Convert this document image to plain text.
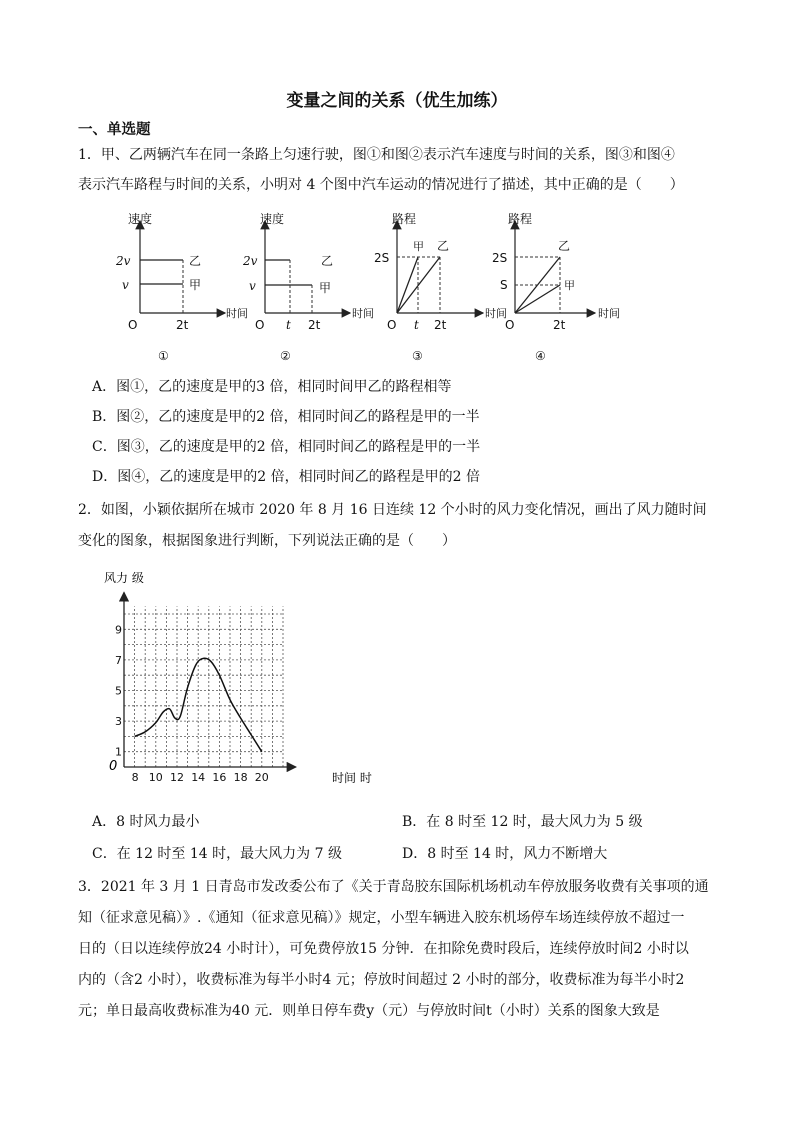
变量之间的关系（优生加练）
一、单选题
1．甲、乙两辆汽车在同一条路上匀速行驶，图①和图②表示汽车速度与时间的关系，图③和图④
表示汽车路程与时间的关系，小明对 4 个图中汽车运动的情况进行了描述，其中正确的是（　　）
速度
时间
2v
v
乙
甲
O	2t
①
速度
时间
2v
v
乙
甲
O t 2t
②
路程
时间
2S
甲 乙
O t 2t
③
路程
时间
2S
S
乙
甲
O	2t
④
A．图①，乙的速度是甲的3 倍，相同时间甲乙的路程相等
B．图②，乙的速度是甲的2 倍，相同时间乙的路程是甲的一半
C．图③，乙的速度是甲的2 倍，相同时间乙的路程是甲的一半
D．图④，乙的速度是甲的2 倍，相同时间乙的路程是甲的2 倍
2．如图，小颖依据所在城市 2020 年 8 月 16 日连续 12 个小时的风力变化情况，画出了风力随时间
变化的图象，根据图象进行判断，下列说法正确的是（　　）
8 10 12 14 16 18 20
1
3
5
7
9
风力 级
时间 时
0
A．8 时风力最小	B．在 8 时至 12 时，最大风力为 5 级
C．在 12 时至 14 时，最大风力为 7 级	D．8 时至 14 时，风力不断增大
3．2021 年 3 月 1 日青岛市发改委公布了《关于青岛胶东国际机场机动车停放服务收费有关事项的通
知（征求意见稿）》.《通知（征求意见稿）》规定，小型车辆进入胶东机场停车场连续停放不超过一
日的（日以连续停放24 小时计），可免费停放15 分钟．在扣除免费时段后，连续停放时间2 小时以
内的（含2 小时），收费标准为每半小时4 元；停放时间超过 2 小时的部分，收费标准为每半小时2
元；单日最高收费标准为40 元．则单日停车费y（元）与停放时间t（小时）关系的图象大致是
